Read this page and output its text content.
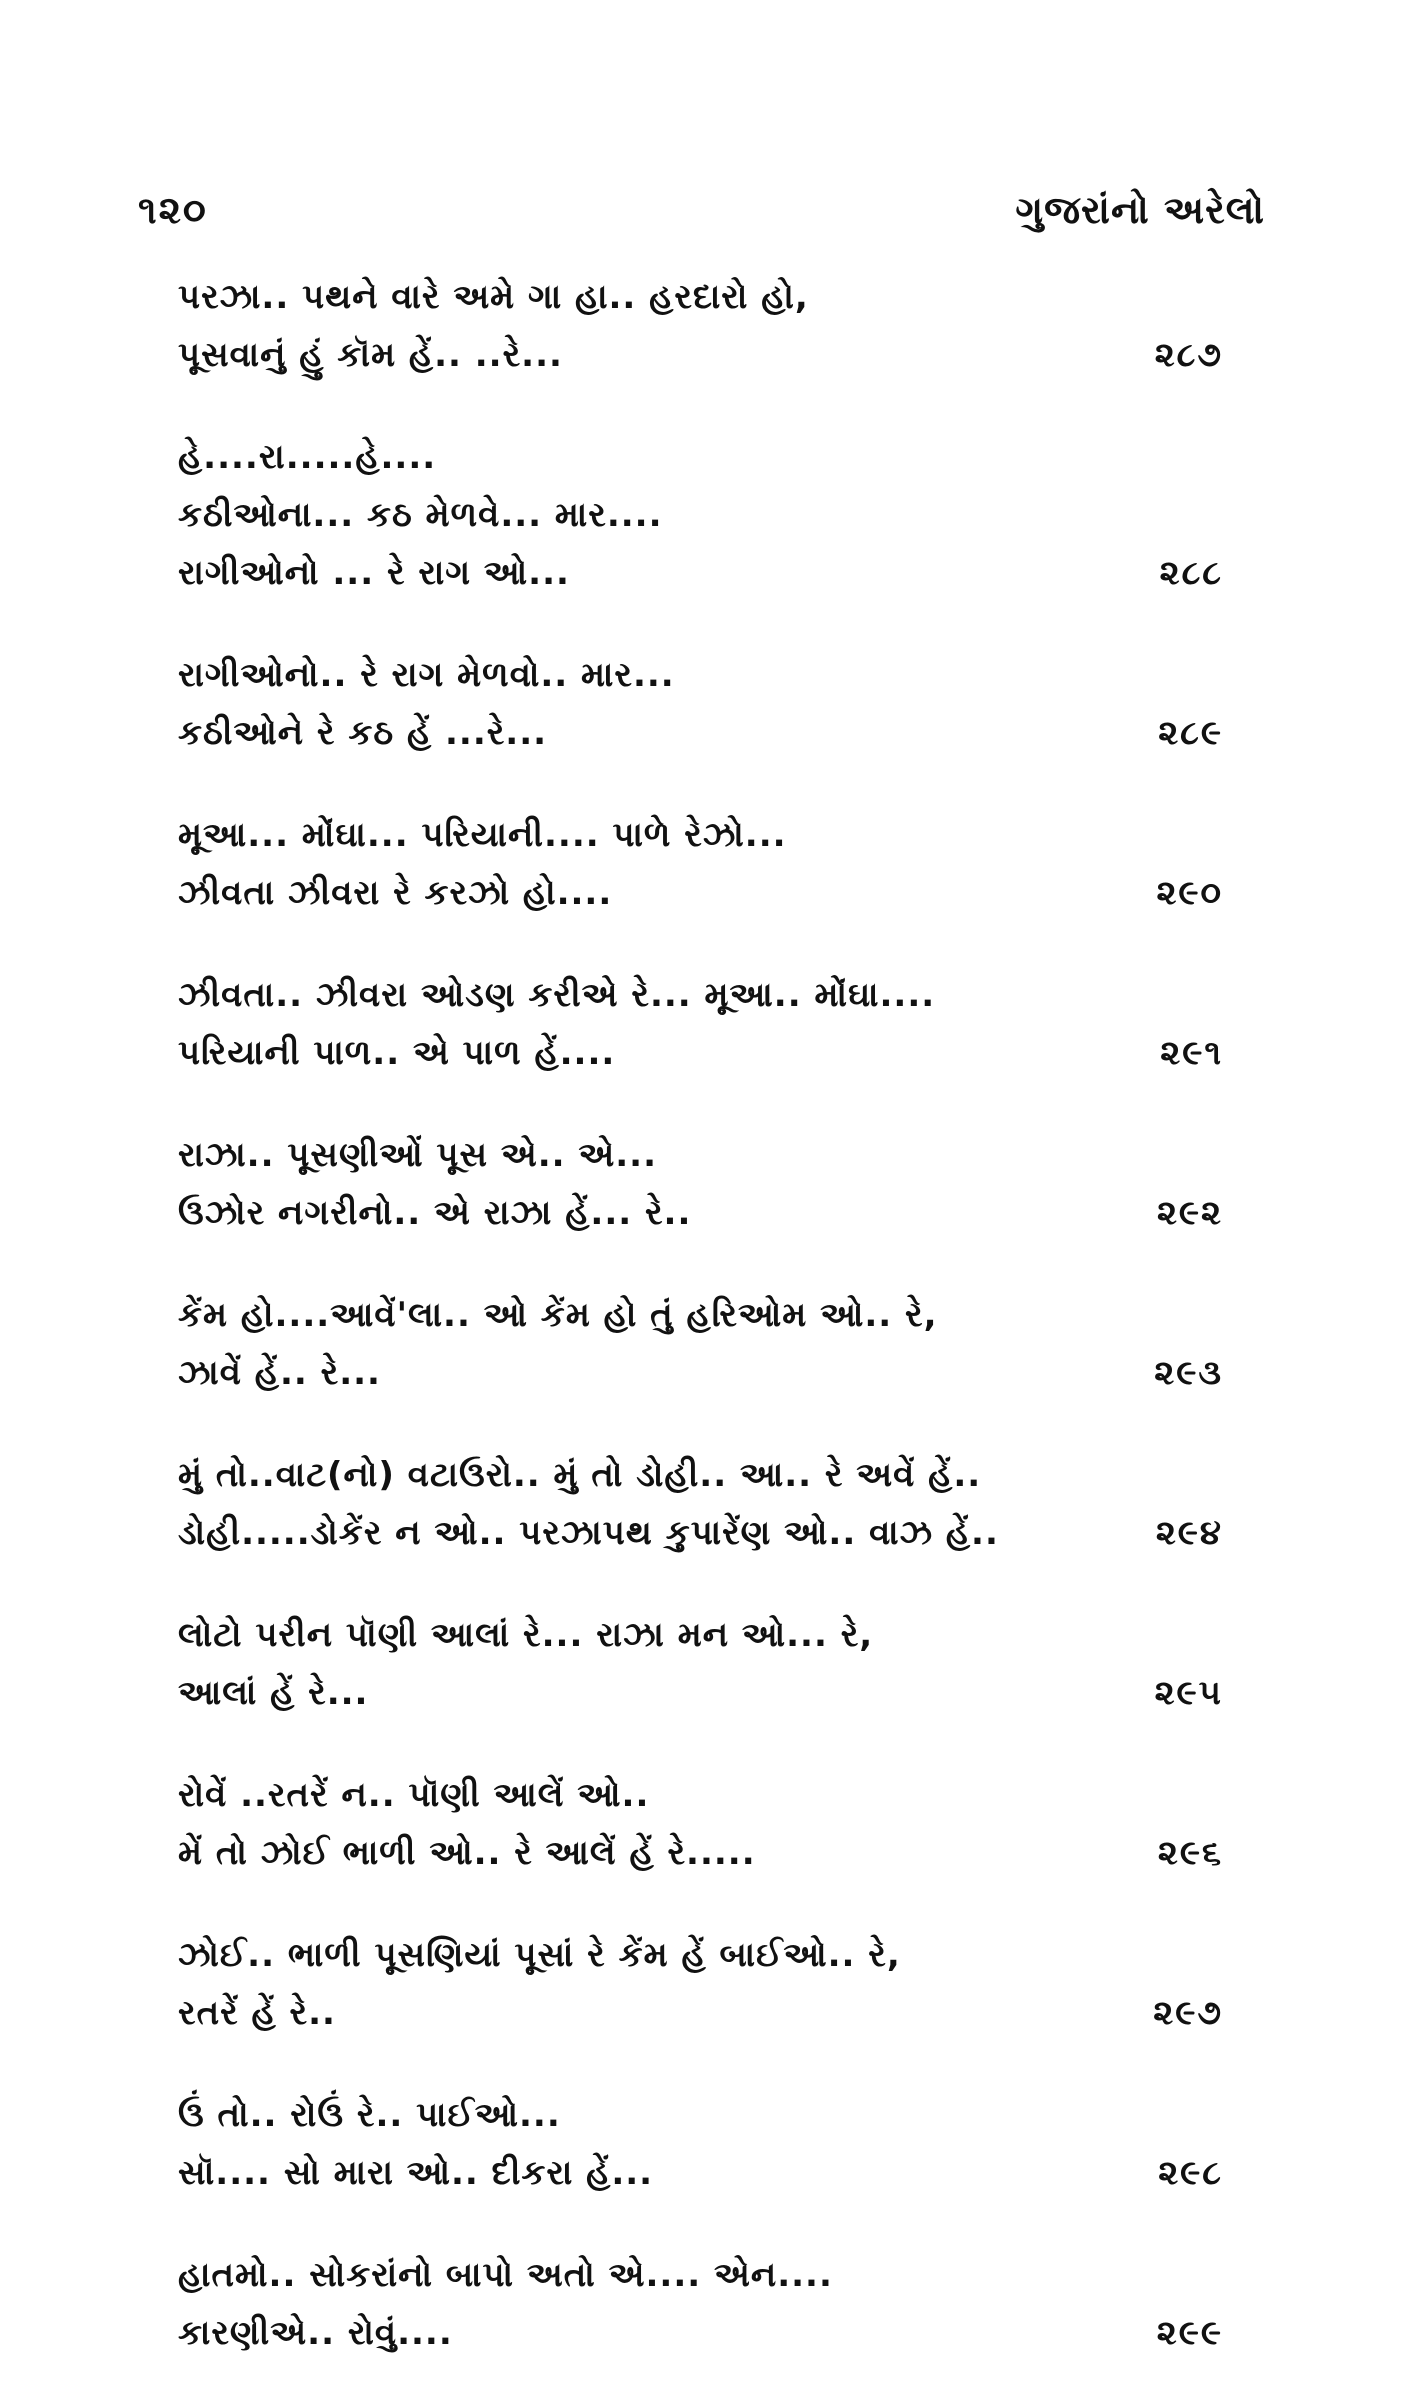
૧૨૦	ગુજરાંનો અરેલો
પરઝા.. પથને વારે અમે ગા હા.. હરદારો હો,
પૂસવાનું હું કૉમ હેં.. ..રે...	૨૮૭
હે....રા.....હે....
કઠીઓના... કઠ મેળવે... માર....
રાગીઓનો ... રે રાગ ઓ...	૨૮૮
રાગીઓનો.. રે રાગ મેળવો.. માર...
કઠીઓને રે કઠ હેં ...રે...	૨૮૯
મૂઆ... મોંઘા... પરિયાની.... પાળે રેઝો...
ઝીવતા ઝીવરા રે કરઝો હો....	૨૯૦
ઝીવતા.. ઝીવરા ઓડણ કરીએ રે... મૂઆ.. મોંઘા....
પરિયાની પાળ.. એ પાળ હેં....	૨૯૧
રાઝા.. પૂસણીઓં પૂસ એ.. એ...
ઉઝોર નગરીનો.. એ રાઝા હેં... રે..	૨૯૨
કેંમ હો....આવેં'લા.. ઓ કેંમ હો તું હરિઓમ ઓ.. રે,
ઝાવેં હેં.. રે...	૨૯૩
મું તો..વાટ(નો) વટાઉરો.. મું તો ડોહી.. આ.. રે અવેં હેં..
ડોહી.....ડોકેંર ન ઓ.. પરઝાપથ કુપારેંણ ઓ.. વાઝ હેં..	૨૯૪
લોટો પરીન પૉણી આલાં રે... રાઝા મન ઓ... રે,
આલાં હેં રે...	૨૯૫
રોવેં ..રતરેં ન.. પૉણી આલેં ઓ..
મેં તો ઝોઈ ભાળી ઓ.. રે આલેં હેં રે.....	૨૯૬
ઝોઈ.. ભાળી પૂસણિયાં પૂસાં રે કેંમ હેં બાઈઓ.. રે,
રતરેં હેં રે..	૨૯૭
ઉં તો.. રોઉં રે.. પાઈઓ...
સૉ.... સો મારા ઓ.. દીકરા હેં...	૨૯૮
હાતમો.. સોકરાંનો બાપો અતો એ.... એન....
કારણીએ.. રોવું....	૨૯૯
